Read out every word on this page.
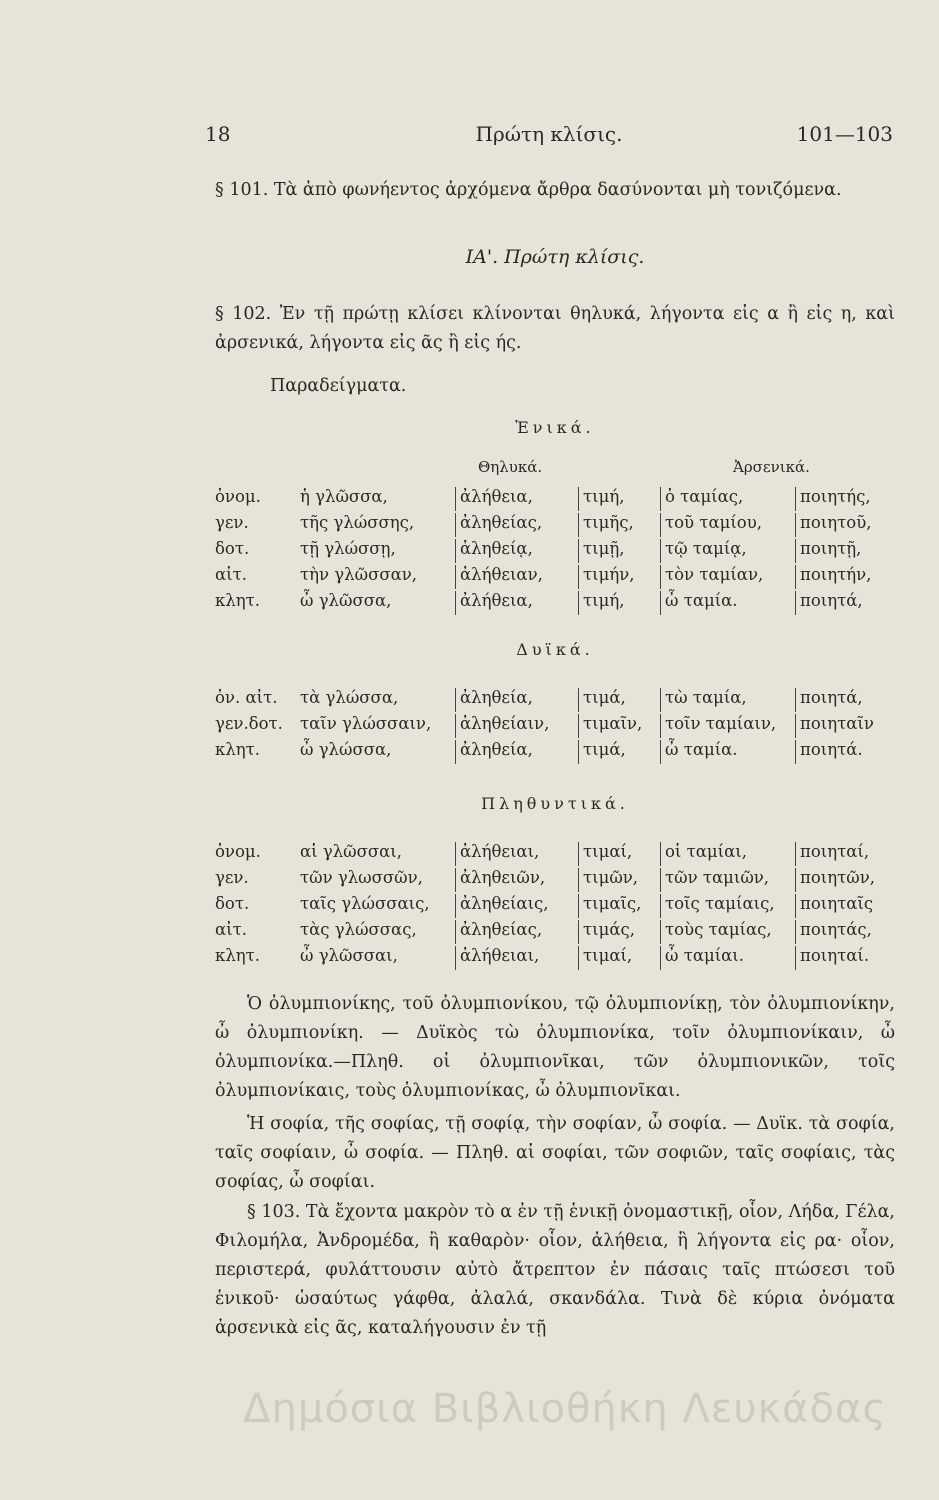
18	Πρώτη κλίσις.	101—103
§ 101. Τὰ ἀπὸ φωνήεντος ἀρχόμενα ἄρθρα δασύνονται μὴ τονιζόμενα.
ΙΑ'. Πρώτη κλίσις.
§ 102. Ἐν τῇ πρώτῃ κλίσει κλίνονται θηλυκά, λήγοντα εἰς α ἢ εἰς η, καὶ ἀρσενικά, λήγοντα εἰς ᾶς ἢ εἰς ής.
Παραδείγματα.
Ἑνικά.
Θηλυκά.	Ἀρσενικά.
ὀνομ. ἡ γλῶσσα,	ἀλήθεια,	τιμή,	ὁ ταμίας,	ποιητής,
γεν.	τῆς γλώσσης,	ἀληθείας,	τιμῆς,	τοῦ ταμίου,	ποιητοῦ,
δοτ.	τῇ γλώσσῃ,	ἀληθείᾳ,	τιμῇ,	τῷ ταμίᾳ,	ποιητῇ,
αἰτ.	τὴν γλῶσσαν,	ἀλήθειαν,	τιμήν,	τὸν ταμίαν,	ποιητήν,
κλητ. ὦ γλῶσσα,	ἀλήθεια,	τιμή,	ὦ ταμία.	ποιητά,
Δυϊκά.
ὀν. αἰτ. τὰ γλώσσα,	ἀληθεία,	τιμά,	τὼ ταμία,	ποιητά,
γεν.δοτ. ταῖν γλώσσαιν,	ἀληθείαιν,	τιμαῖν,	τοῖν ταμίαιν,	ποιηταῖν
κλητ. ὦ γλώσσα,	ἀληθεία,	τιμά,	ὦ ταμία.	ποιητά.
Πληθυντικά.
ὀνομ. αἱ γλῶσσαι,	ἀλήθειαι,	τιμαί,	οἱ ταμίαι,	ποιηταί,
γεν.	τῶν γλωσσῶν,	ἀληθειῶν,	τιμῶν,	τῶν ταμιῶν,	ποιητῶν,
δοτ.	ταῖς γλώσσαις,	ἀληθείαις,	τιμαῖς,	τοῖς ταμίαις,	ποιηταῖς
αἰτ.	τὰς γλώσσας,	ἀληθείας,	τιμάς,	τοὺς ταμίας,	ποιητάς,
κλητ. ὦ γλῶσσαι,	ἀλήθειαι,	τιμαί,	ὦ ταμίαι.	ποιηταί.
Ὁ ὀλυμπιονίκης, τοῦ ὀλυμπιονίκου, τῷ ὀλυμπιονίκῃ, τὸν ὀλυμπιονίκην, ὦ ὀλυμπιονίκη. — Δυϊκὸς τὼ ὀλυμπιονίκα, τοῖν ὀλυμπιονίκαιν, ὦ ὀλυμπιονίκα.—Πληθ. οἱ ὀλυμπιονῖκαι, τῶν ὀλυμπιονικῶν, τοῖς ὀλυμπιονίκαις, τοὺς ὀλυμπιονίκας, ὦ ὀλυμπιονῖκαι.
Ἡ σοφία, τῆς σοφίας, τῇ σοφίᾳ, τὴν σοφίαν, ὦ σοφία. — Δυϊκ. τὰ σοφία, ταῖς σοφίαιν, ὦ σοφία. — Πληθ. αἱ σοφίαι, τῶν σοφιῶν, ταῖς σοφίαις, τὰς σοφίας, ὦ σοφίαι.
§ 103. Τὰ ἔχοντα μακρὸν τὸ α ἐν τῇ ἑνικῇ ὀνομαστικῇ, οἷον, Λήδα, Γέλα, Φιλομήλα, Ἀνδρομέδα, ἢ καθαρὸν· οἷον, ἀλήθεια, ἢ λήγοντα εἰς ρα· οἷον, περιστερά, φυλάττουσιν αὐτὸ ἄτρεπτον ἐν πάσαις ταῖς πτώσεσι τοῦ ἑνικοῦ· ὡσαύτως γάφθα, ἀλαλά, σκανδάλα. Τινὰ δὲ κύρια ὀνόματα ἀρσενικὰ εἰς ᾶς, καταλήγουσιν ἐν τῇ
Δημόσια Βιβλιοθήκη Λευκάδας
